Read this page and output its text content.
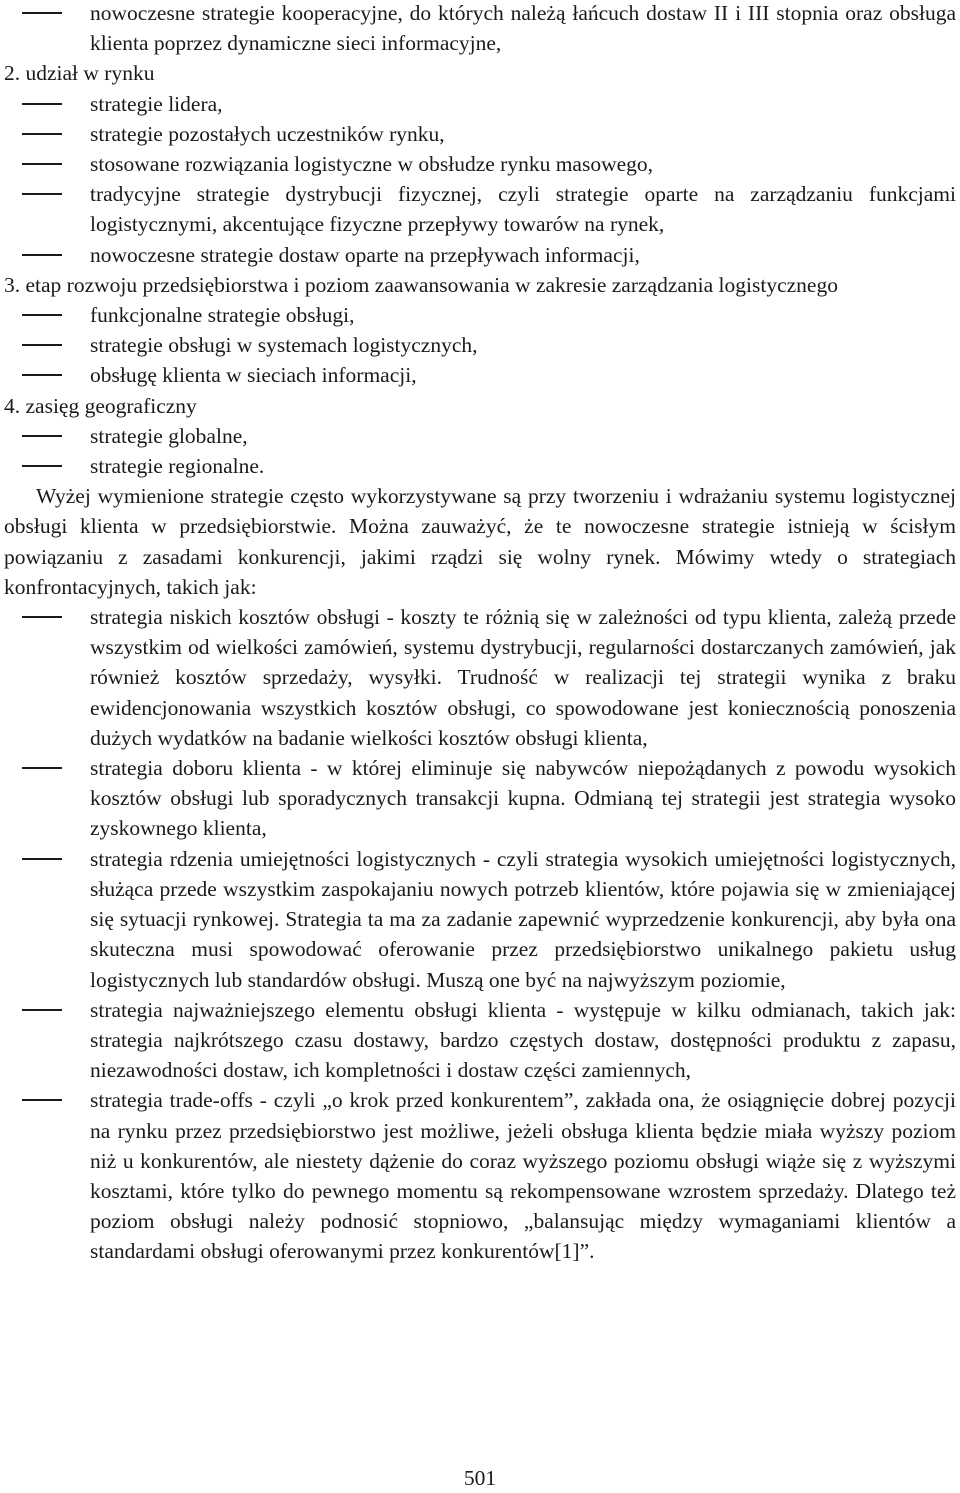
nowoczesne strategie kooperacyjne, do których należą łańcuch dostaw II i III stopnia oraz obsługa klienta poprzez dynamiczne sieci informacyjne,
2. udział w rynku
strategie lidera,
strategie pozostałych uczestników rynku,
stosowane rozwiązania logistyczne w obsłudze rynku masowego,
tradycyjne strategie dystrybucji fizycznej, czyli strategie oparte na zarządzaniu funkcjami logistycznymi, akcentujące fizyczne przepływy towarów na rynek,
nowoczesne strategie dostaw oparte na przepływach informacji,
3. etap rozwoju przedsiębiorstwa i poziom zaawansowania w zakresie zarządzania logistycznego
funkcjonalne strategie obsługi,
strategie obsługi w systemach logistycznych,
obsługę klienta w sieciach informacji,
4. zasięg geograficzny
strategie globalne,
strategie regionalne.
Wyżej wymienione strategie często wykorzystywane są przy tworzeniu i wdrażaniu systemu logistycznej obsługi klienta w przedsiębiorstwie. Można zauważyć, że te nowoczesne strategie istnieją w ścisłym powiązaniu z zasadami konkurencji, jakimi rządzi się wolny rynek. Mówimy wtedy o strategiach konfrontacyjnych, takich jak:
strategia niskich kosztów obsługi - koszty te różnią się w zależności od typu klienta, zależą przede wszystkim od wielkości zamówień, systemu dystrybucji, regularności dostarczanych zamówień, jak również kosztów sprzedaży, wysyłki. Trudność w realizacji tej strategii wynika z braku ewidencjonowania wszystkich kosztów obsługi, co spowodowane jest koniecznością ponoszenia dużych wydatków na badanie wielkości kosztów obsługi klienta,
strategia doboru klienta - w której eliminuje się nabywców niepożądanych z powodu wysokich kosztów obsługi lub sporadycznych transakcji kupna. Odmianą tej strategii jest strategia wysoko zyskownego klienta,
strategia rdzenia umiejętności logistycznych - czyli strategia wysokich umiejętności logistycznych, służąca przede wszystkim zaspokajaniu nowych potrzeb klientów, które pojawia się w zmieniającej się sytuacji rynkowej. Strategia ta ma za zadanie zapewnić wyprzedzenie konkurencji, aby była ona skuteczna musi spowodować oferowanie przez przedsiębiorstwo unikalnego pakietu usług logistycznych lub standardów obsługi. Muszą one być na najwyższym poziomie,
strategia najważniejszego elementu obsługi klienta - występuje w kilku odmianach, takich jak: strategia najkrótszego czasu dostawy, bardzo częstych dostaw, dostępności produktu z zapasu, niezawodności dostaw, ich kompletności i dostaw części zamiennych,
strategia trade-offs - czyli „o krok przed konkurentem”, zakłada ona, że osiągnięcie dobrej pozycji na rynku przez przedsiębiorstwo jest możliwe, jeżeli obsługa klienta będzie miała wyższy poziom niż u konkurentów, ale niestety dążenie do coraz wyższego poziomu obsługi wiąże się z wyższymi kosztami, które tylko do pewnego momentu są rekompensowane wzrostem sprzedaży. Dlatego też poziom obsługi należy podnosić stopniowo, „balansując między wymaganiami klientów a standardami obsługi oferowanymi przez konkurentów[1]”.
501
